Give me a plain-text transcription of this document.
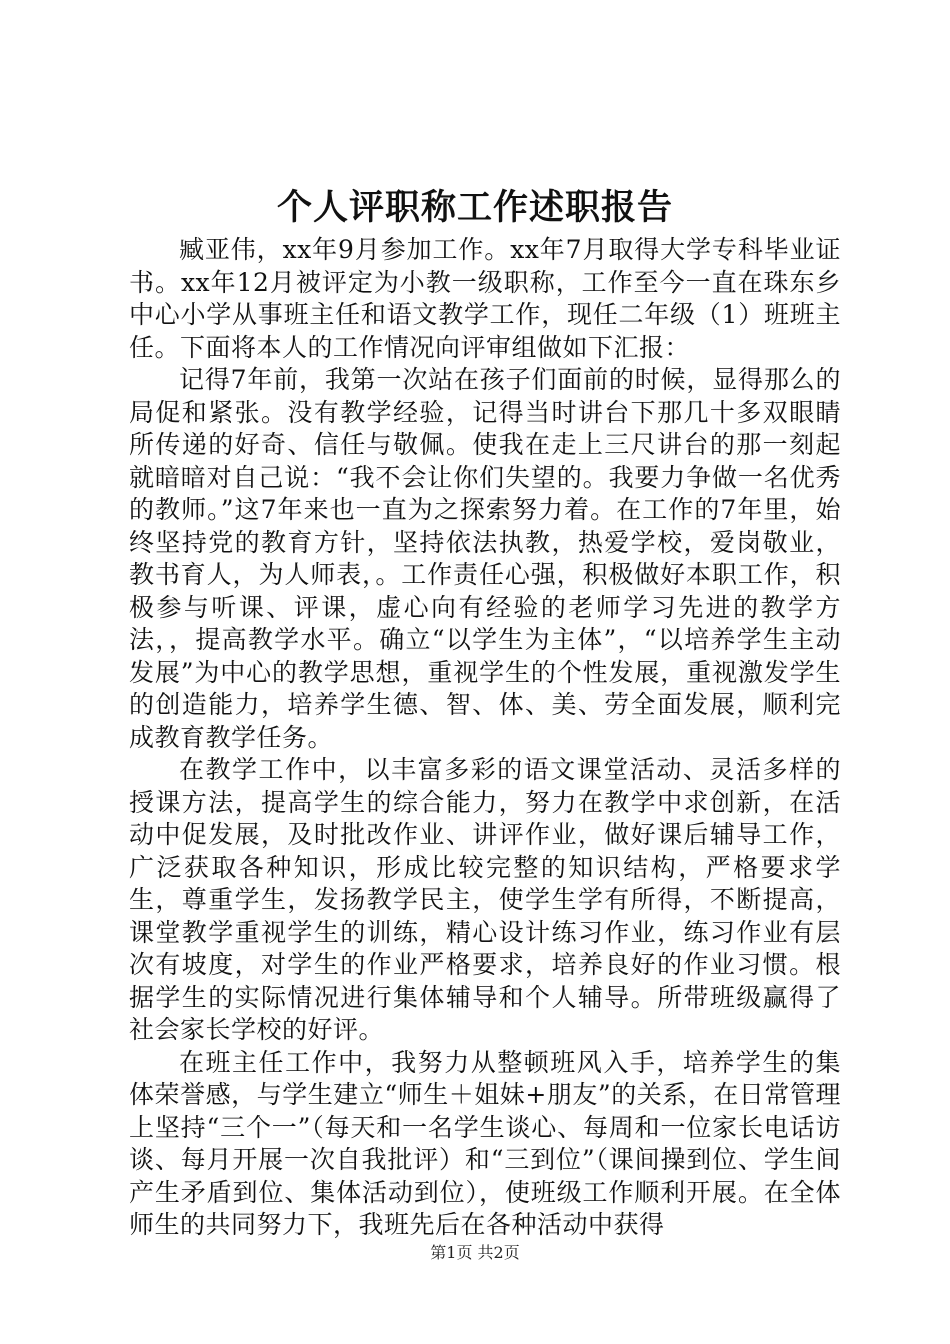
个人评职称工作述职报告

臧亚伟，xx年9月参加工作。xx年7月取得大学专科毕业证书。xx年12月被评定为小教一级职称，工作至今一直在珠东乡中心小学从事班主任和语文教学工作，现任二年级（1）班班主任。下面将本人的工作情况向评审组做如下汇报：

记得7年前，我第一次站在孩子们面前的时候，显得那么的局促和紧张。没有教学经验，记得当时讲台下那几十多双眼睛所传递的好奇、信任与敬佩。使我在走上三尺讲台的那一刻起就暗暗对自己说：“我不会让你们失望的。我要力争做一名优秀的教师。”这7年来也一直为之探索努力着。在工作的7年里，始终坚持党的教育方针，坚持依法执教，热爱学校，爱岗敬业，教书育人，为人师表，。工作责任心强，积极做好本职工作，积极参与听课、评课，虚心向有经验的老师学习先进的教学方法，，提高教学水平。确立“以学生为主体”，“以培养学生主动发展”为中心的教学思想，重视学生的个性发展，重视激发学生的创造能力，培养学生德、智、体、美、劳全面发展，顺利完成教育教学任务。

在教学工作中，以丰富多彩的语文课堂活动、灵活多样的授课方法，提高学生的综合能力，努力在教学中求创新，在活动中促发展，及时批改作业、讲评作业，做好课后辅导工作，广泛获取各种知识，形成比较完整的知识结构，严格要求学生，尊重学生，发扬教学民主，使学生学有所得，不断提高，课堂教学重视学生的训练，精心设计练习作业，练习作业有层次有坡度，对学生的作业严格要求，培养良好的作业习惯。根据学生的实际情况进行集体辅导和个人辅导。所带班级赢得了社会家长学校的好评。

在班主任工作中，我努力从整顿班风入手，培养学生的集体荣誉感，与学生建立“师生＋姐妹+朋友”的关系，在日常管理上坚持“三个一”（每天和一名学生谈心、每周和一位家长电话访谈、每月开展一次自我批评）和“三到位”（课间操到位、学生间产生矛盾到位、集体活动到位），使班级工作顺利开展。在全体师生的共同努力下，我班先后在各种活动中获得

第1页 共2页
